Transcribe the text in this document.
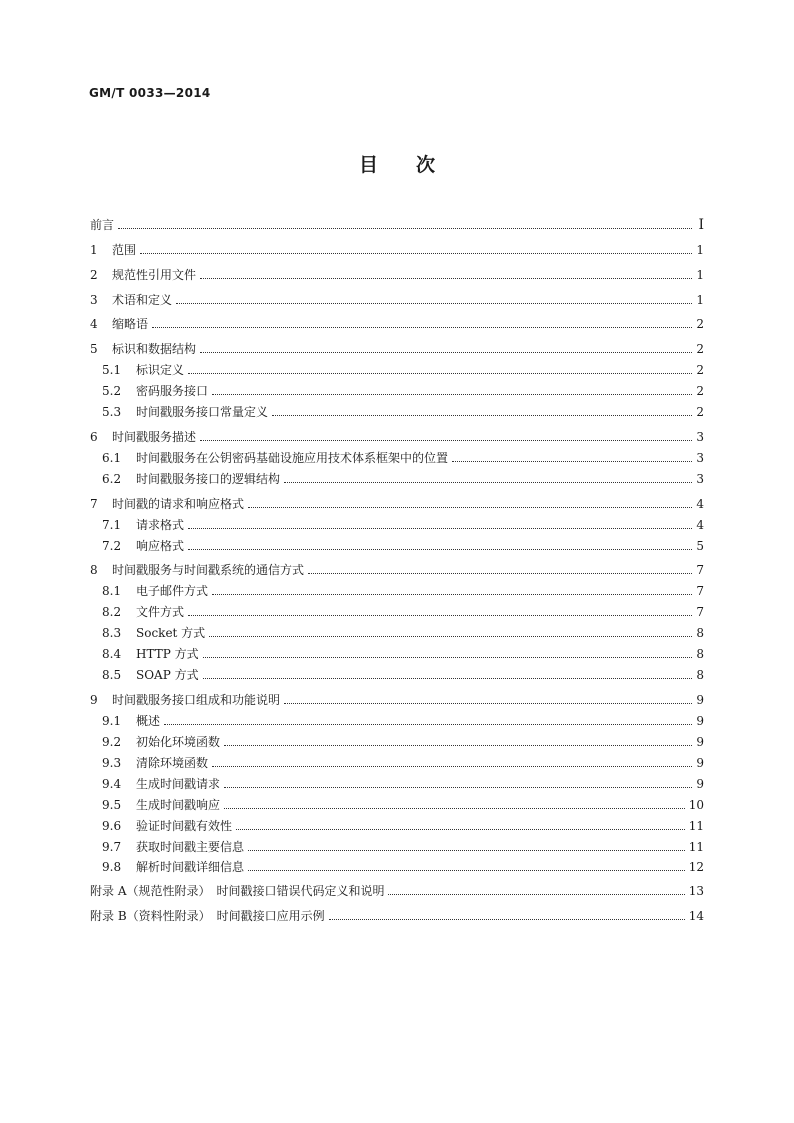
GM/T 0033—2014
目　　次
前言	Ⅰ
1 范围	1
2 规范性引用文件	1
3 术语和定义	1
4 缩略语	2
5 标识和数据结构	2
5.1 标识定义	2
5.2 密码服务接口	2
5.3 时间戳服务接口常量定义	2
6 时间戳服务描述	3
6.1 时间戳服务在公钥密码基础设施应用技术体系框架中的位置	3
6.2 时间戳服务接口的逻辑结构	3
7 时间戳的请求和响应格式	4
7.1 请求格式	4
7.2 响应格式	5
8 时间戳服务与时间戳系统的通信方式	7
8.1 电子邮件方式	7
8.2 文件方式	7
8.3 Socket 方式	8
8.4 HTTP 方式	8
8.5 SOAP 方式	8
9 时间戳服务接口组成和功能说明	9
9.1 概述	9
9.2 初始化环境函数	9
9.3 清除环境函数	9
9.4 生成时间戳请求	9
9.5 生成时间戳响应	10
9.6 验证时间戳有效性	11
9.7 获取时间戳主要信息	11
9.8 解析时间戳详细信息	12
附录 A（规范性附录）　时间戳接口错误代码定义和说明	13
附录 B（资料性附录）　时间戳接口应用示例	14
